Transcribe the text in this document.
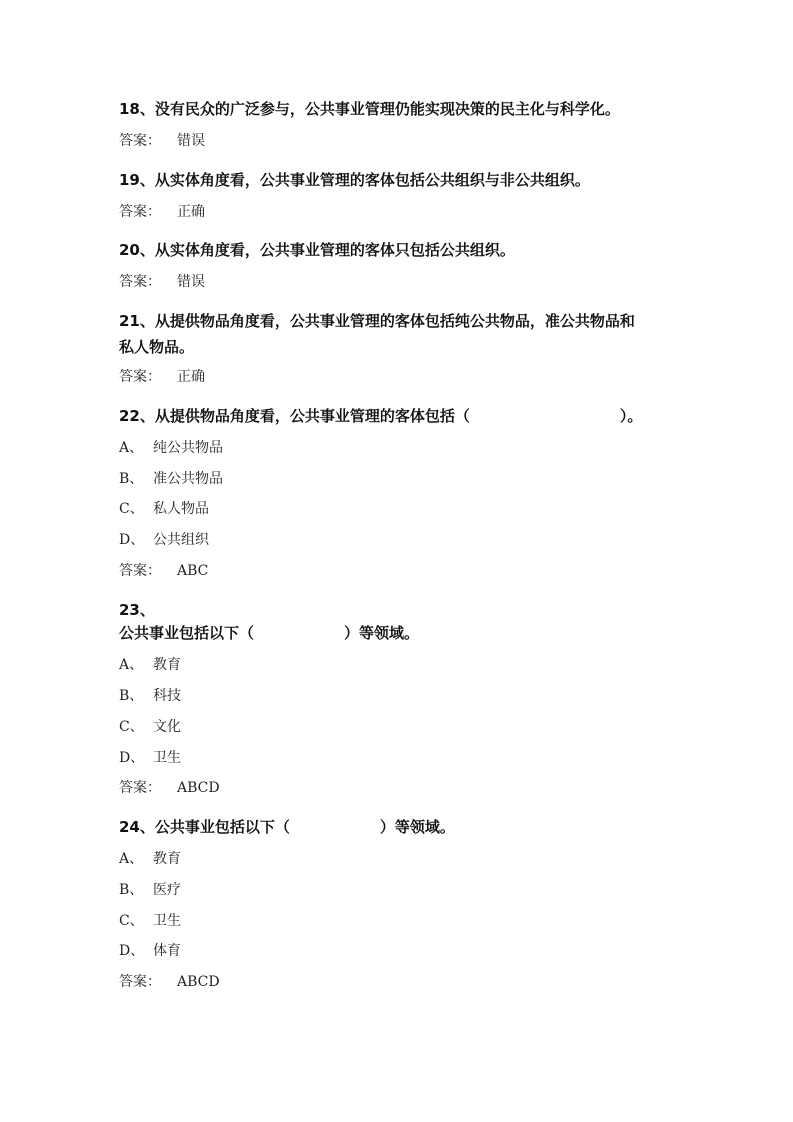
18、没有民众的广泛参与，公共事业管理仍能实现决策的民主化与科学化。
答案： 错误
19、从实体角度看，公共事业管理的客体包括公共组织与非公共组织。
答案： 正确
20、从实体角度看，公共事业管理的客体只包括公共组织。
答案： 错误
21、从提供物品角度看，公共事业管理的客体包括纯公共物品，准公共物品和
私人物品。
答案： 正确
22、从提供物品角度看，公共事业管理的客体包括（　　　　　　　　　　）。
A、 纯公共物品
B、 准公共物品
C、 私人物品
D、 公共组织
答案： ABC
23、
公共事业包括以下（　　　　　　）等领域。
A、 教育
B、 科技
C、 文化
D、 卫生
答案： ABCD
24、公共事业包括以下（　　　　　　）等领域。
A、 教育
B、 医疗
C、 卫生
D、 体育
答案： ABCD
